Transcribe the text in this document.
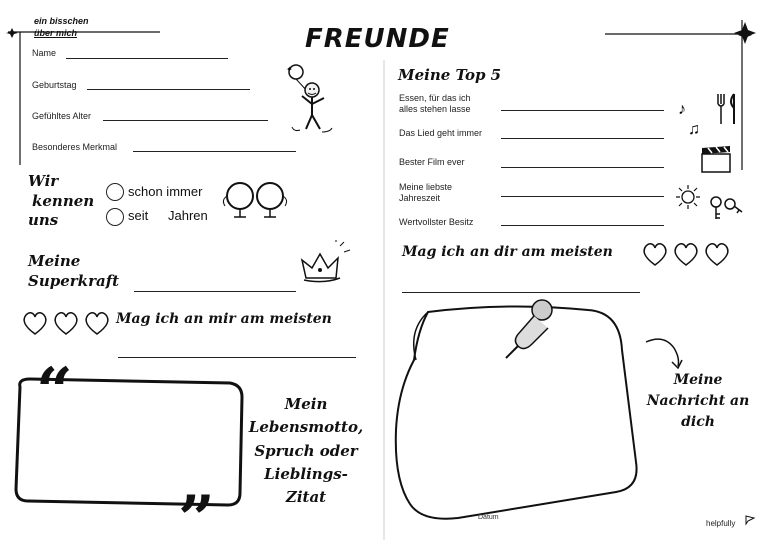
FREUNDE
ein bisschen
über mich
Name
Geburtstag
Gefühltes Alter
Besonderes Merkmal
✦
Wir
kennen
uns
schon immer
seit Jahren
Meine
Superkraft
Mag ich an mir am meisten
“
”
Mein
Lebensmotto,
Spruch oder
Lieblings-
Zitat
Meine Top 5
Essen, für das ich
alles stehen lasse
Das Lied geht immer
Bester Film ever
Meine liebste
Jahreszeit
Wertvollster Besitz
♪
♫
Mag ich an dir am meisten
Meine
Nachricht an
dich
Datum
helpfully
